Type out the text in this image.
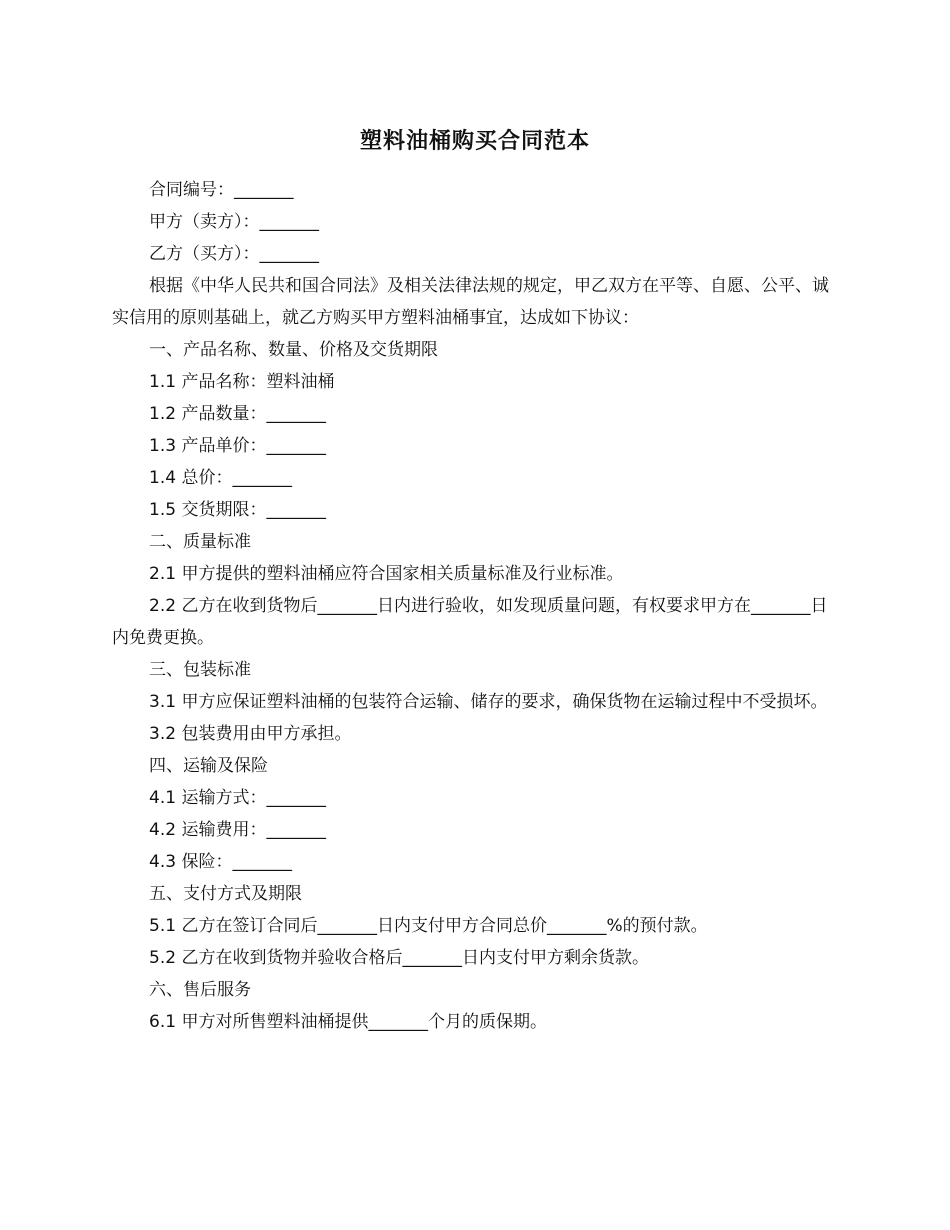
塑料油桶购买合同范本

合同编号：_______

甲方（卖方）：_______

乙方（买方）：_______

根据《中华人民共和国合同法》及相关法律法规的规定，甲乙双方在平等、自愿、公平、诚实信用的原则基础上，就乙方购买甲方塑料油桶事宜，达成如下协议：

一、产品名称、数量、价格及交货期限

1.1 产品名称：塑料油桶

1.2 产品数量：_______

1.3 产品单价：_______

1.4 总价：_______

1.5 交货期限：_______

二、质量标准

2.1 甲方提供的塑料油桶应符合国家相关质量标准及行业标准。

2.2 乙方在收到货物后_______日内进行验收，如发现质量问题，有权要求甲方在_______日内免费更换。

三、包装标准

3.1 甲方应保证塑料油桶的包装符合运输、储存的要求，确保货物在运输过程中不受损坏。

3.2 包装费用由甲方承担。

四、运输及保险

4.1 运输方式：_______

4.2 运输费用：_______

4.3 保险：_______

五、支付方式及期限

5.1 乙方在签订合同后_______日内支付甲方合同总价_______%的预付款。

5.2 乙方在收到货物并验收合格后_______日内支付甲方剩余货款。

六、售后服务

6.1 甲方对所售塑料油桶提供_______个月的质保期。
